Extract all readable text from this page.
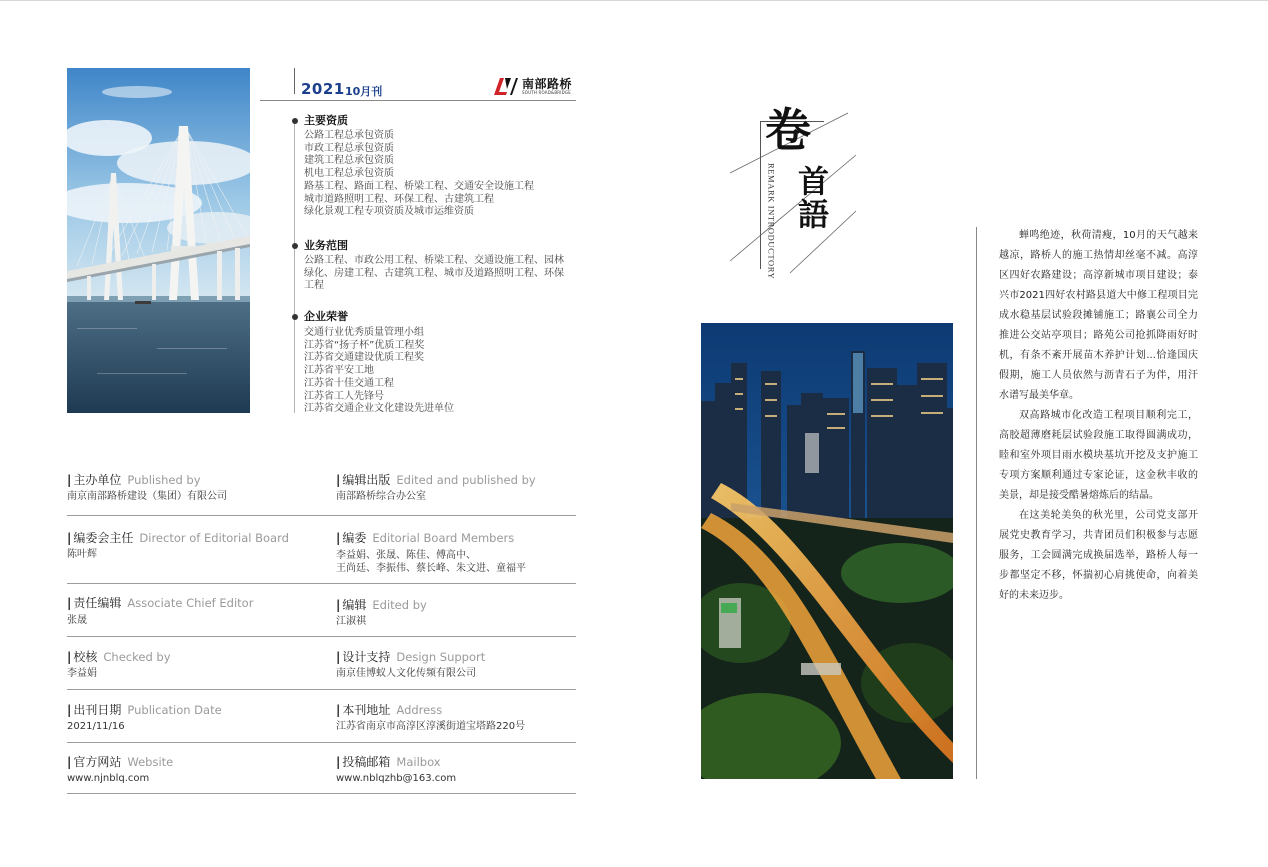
2021 10月刊
南部路桥
SOUTH ROAD&BRIDGE
主要资质
公路工程总承包资质
市政工程总承包资质
建筑工程总承包资质
机电工程总承包资质
路基工程、路面工程、桥梁工程、交通安全设施工程
城市道路照明工程、环保工程、古建筑工程
绿化景观工程专项资质及城市运维资质
业务范围

公路工程、市政公用工程、桥梁工程、交通设施工程、园林绿化、房建工程、古建筑工程、城市及道路照明工程、环保工程

企业荣誉
交通行业优秀质量管理小组
江苏省“扬子杯”优质工程奖
江苏省交通建设优质工程奖
江苏省平安工地
江苏省十佳交通工程
江苏省工人先锋号
江苏省交通企业文化建设先进单位
| 主办单位 Published by
南京南部路桥建设（集团）有限公司
| 编辑出版 Edited and published by
南部路桥综合办公室
| 编委会主任 Director of Editorial Board
陈叶辉
| 编委 Editorial Board Members
李益娟、张晟、陈佳、傅高中、
王尚廷、李振伟、蔡长峰、朱文进、童福平
| 责任编辑 Associate Chief Editor
张晟
| 编辑 Edited by
江淑祺
| 校核 Checked by
李益娟
| 设计支持 Design Support
南京佳博蚁人文化传频有限公司
| 出刊日期 Publication Date
2021/11/16
| 本刊地址 Address
江苏省南京市高淳区淳溪街道宝塔路220号
| 官方网站 Website
www.njnblq.com
| 投稿邮箱 Mailbox
www.nblqzhb@163.com
卷
首語
REMARK INTRODUCTORY	蝉鸣绝迹，秋荷清瘦，10月的天气越来越凉，路桥人的施工热情却丝毫不减。高淳区四好农路建设；高淳新城市项目建设；泰兴市2021四好农村路县道大中修工程项目完成水稳基层试验段摊铺施工；路襄公司全力推进公交站亭项目；路苑公司抢抓降雨好时机，有条不紊开展苗木养护计划...恰逢国庆假期，施工人员依然与沥青石子为伴，用汗水谱写最美华章。

双高路城市化改造工程项目顺利完工，高胶超薄磨耗层试验段施工取得圆满成功，睦和室外项目雨水模块基坑开挖及支护施工专项方案顺利通过专家论证，这金秋丰收的美景，却是接受酷暑熔炼后的结晶。

在这美轮美奂的秋光里，公司党支部开展党史教育学习，共青团员们积极参与志愿服务，工会圆满完成换届选举，路桥人每一步都坚定不移，怀揣初心肩挑使命，向着美好的未来迈步。
